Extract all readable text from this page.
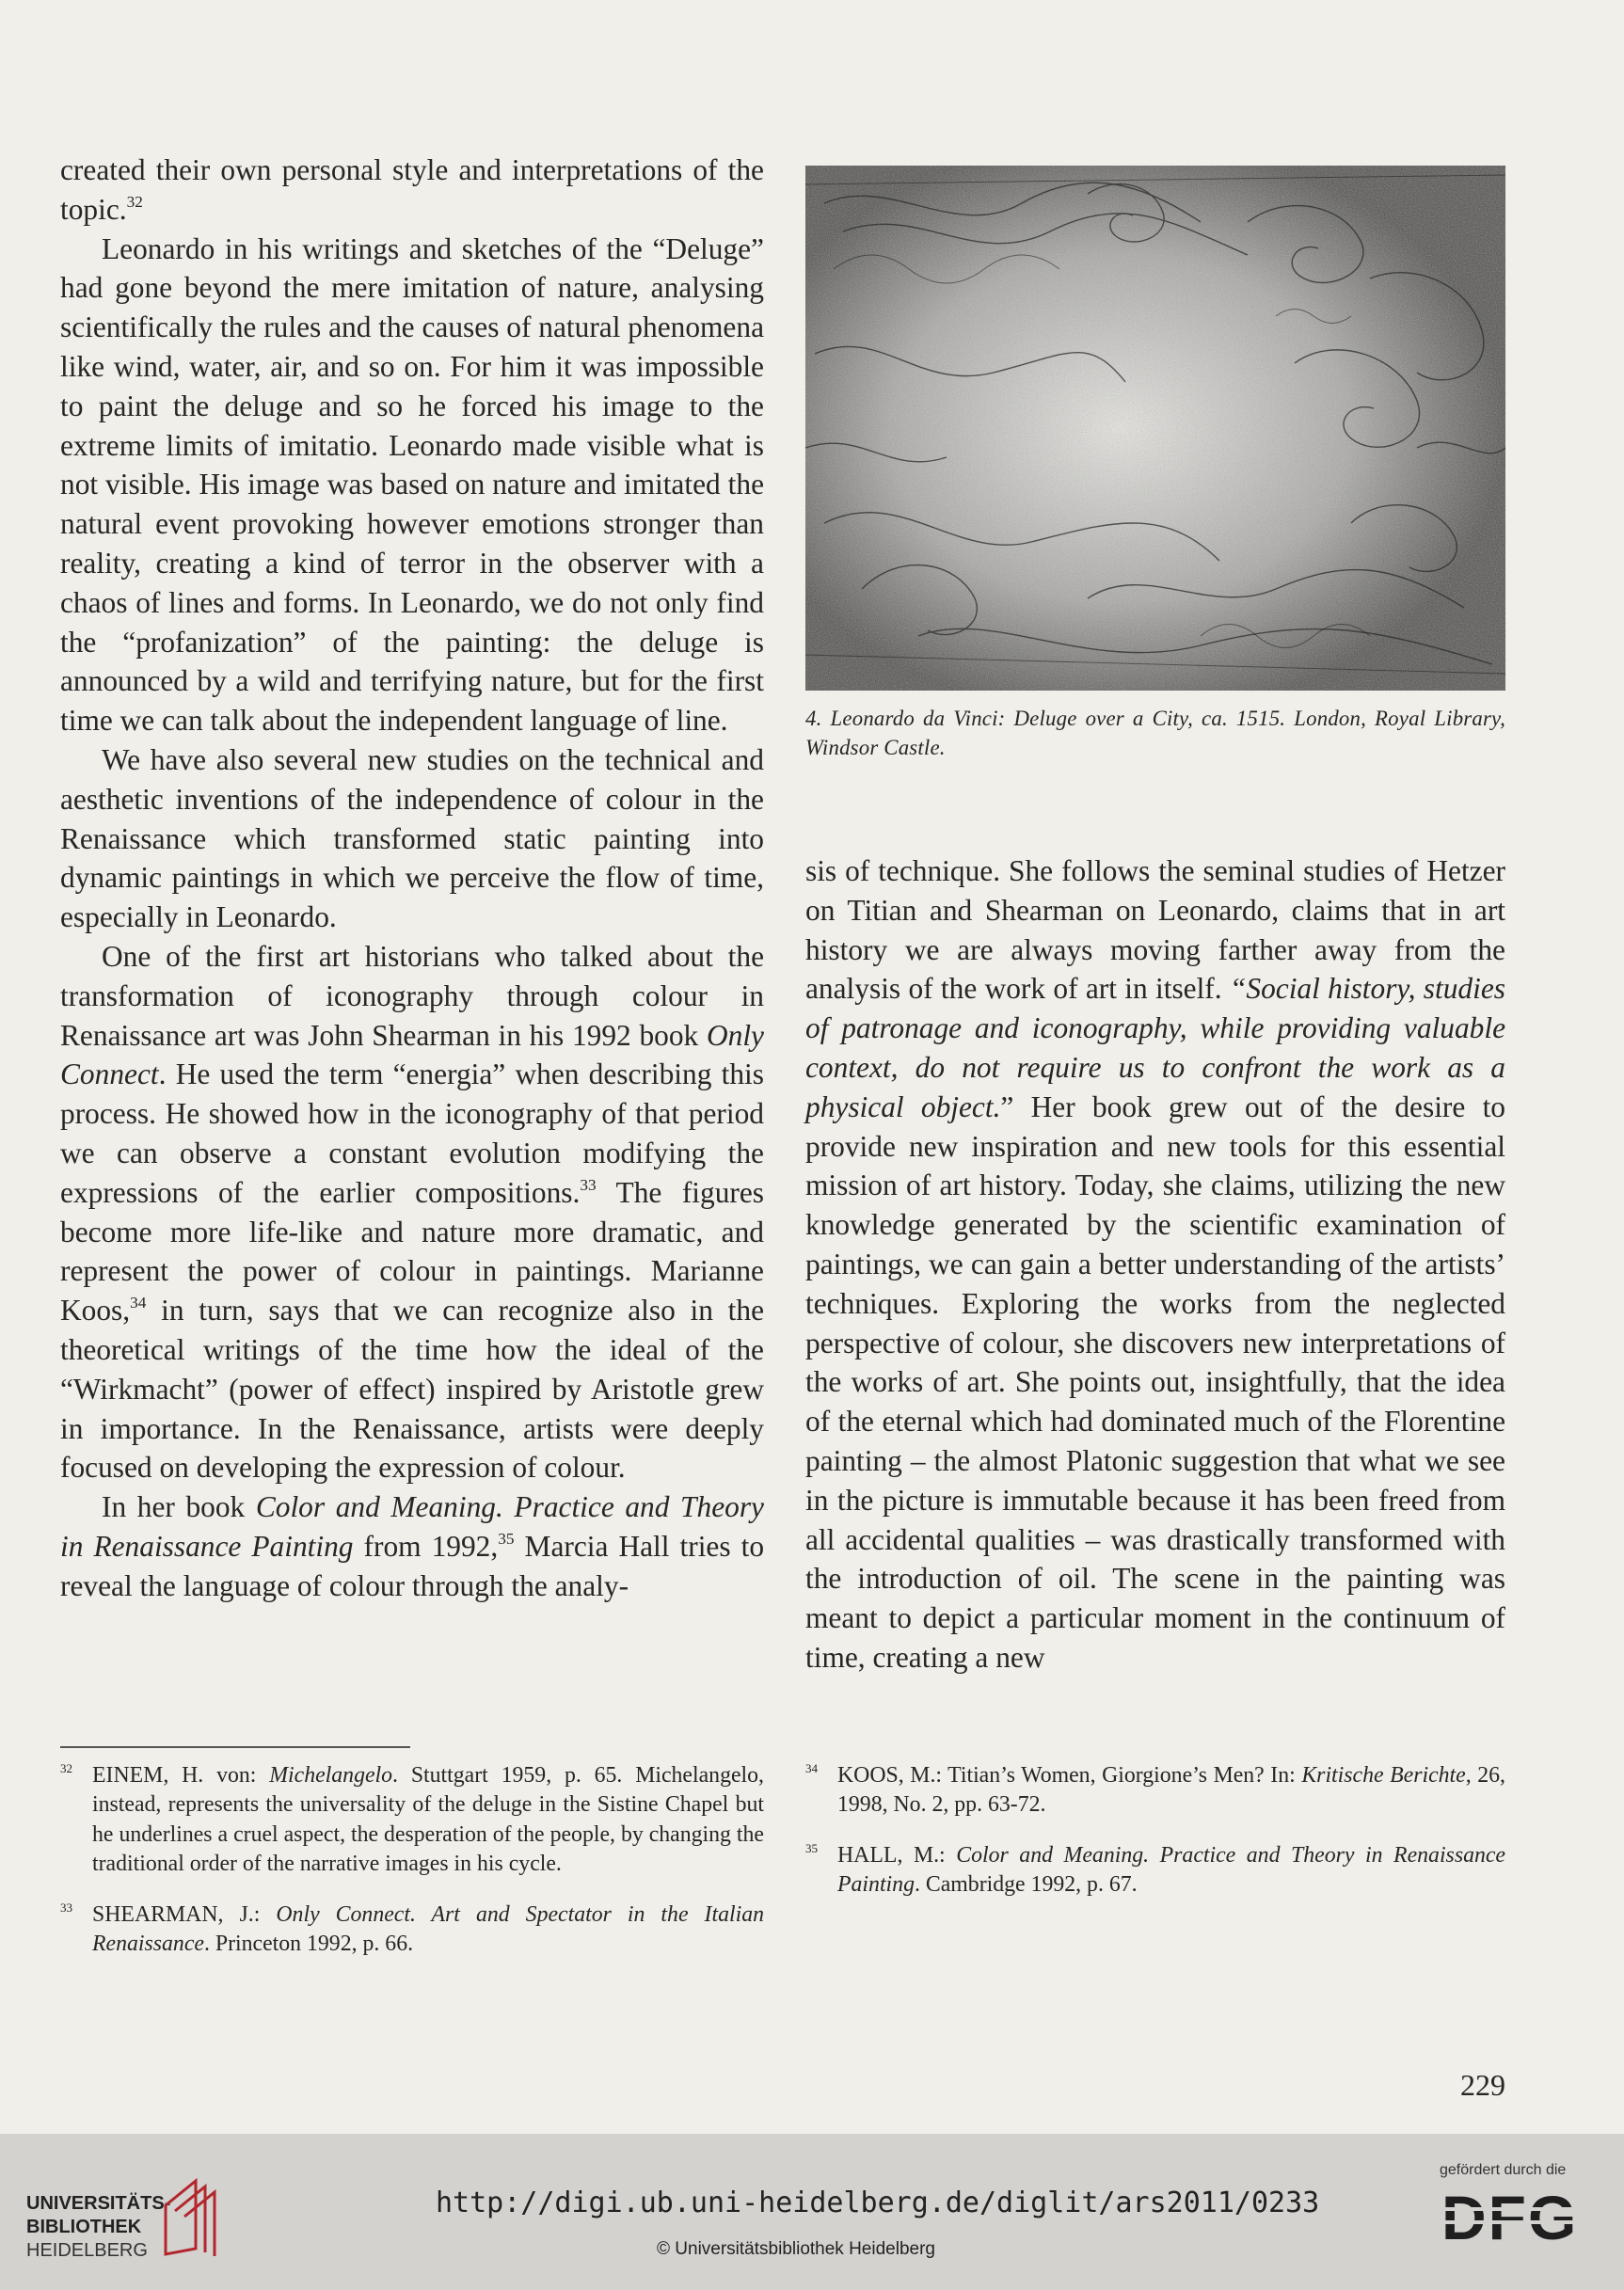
created their own personal style and interpretations of the topic.$^{32}$

Leonardo in his writings and sketches of the “Deluge” had gone beyond the mere imitation of nature, analysing scientifically the rules and the causes of natural phenomena like wind, water, air, and so on. For him it was impossible to paint the deluge and so he forced his image to the extreme limits of imitatio. Leonardo made visible what is not visible. His image was based on nature and imitated the natural event provoking however emotions stronger than reality, creating a kind of terror in the observer with a chaos of lines and forms. In Leonardo, we do not only find the “profanization” of the painting: the deluge is announced by a wild and terrifying nature, but for the first time we can talk about the independent language of line.

We have also several new studies on the technical and aesthetic inventions of the independence of colour in the Renaissance which transformed static painting into dynamic paintings in which we perceive the flow of time, especially in Leonardo.

One of the first art historians who talked about the transformation of iconography through colour in Renaissance art was John Shearman in his 1992 book Only Connect. He used the term “energia” when describing this process. He showed how in the iconography of that period we can observe a constant evolution modifying the expressions of the earlier compositions.$^{33}$ The figures become more life-like and nature more dramatic, and represent the power of colour in paintings. Marianne Koos,$^{34}$ in turn, says that we can recognize also in the theoretical writings of the time how the ideal of the “Wirkmacht” (power of effect) inspired by Aristotle grew in importance. In the Renaissance, artists were deeply focused on developing the expression of colour.

In her book Color and Meaning. Practice and Theory in Renaissance Painting from 1992,35 Marcia Hall tries to reveal the language of colour through the analy-

4. Leonardo da Vinci: Deluge over a City, ca. 1515. London, Royal Library, Windsor Castle.

sis of technique. She follows the seminal studies of Hetzer on Titian and Shearman on Leonardo, claims that in art history we are always moving farther away from the analysis of the work of art in itself. “Social history, studies of patronage and iconography, while providing valuable context, do not require us to confront the work as a physical object.” Her book grew out of the desire to provide new inspiration and new tools for this essential mission of art history. Today, she claims, utilizing the new knowledge generated by the scientific examination of paintings, we can gain a better understanding of the artists’ techniques. Exploring the works from the neglected perspective of colour, she discovers new interpretations of the works of art. She points out, insightfully, that the idea of the eternal which had dominated much of the Florentine painting – the almost Platonic suggestion that what we see in the picture is immutable because it has been freed from all accidental qualities – was drastically transformed with the introduction of oil. The scene in the painting was meant to depict a particular moment in the continuum of time, creating a new

$^{32}$ EINEM, H. von: Michelangelo. Stuttgart 1959, p. 65. Michelangelo, instead, represents the universality of the deluge in the Sistine Chapel but he underlines a cruel aspect, the desperation of the people, by changing the traditional order of the narrative images in his cycle.

$^{33}$ SHEARMAN, J.: Only Connect. Art and Spectator in the Italian Renaissance. Princeton 1992, p. 66.

$^{34}$ KOOS, M.: Titian’s Women, Giorgione’s Men? In: Kritische Berichte, 26, 1998, No. 2, pp. 63-72.

$^{35}$ HALL, M.: Color and Meaning. Practice and Theory in Renaissance Painting. Cambridge 1992, p. 67.

229
UNIVERSITÄTS-
BIBLIOTHEK
HEIDELBERG
http://digi.ub.uni-heidelberg.de/diglit/ars2011/0233
© Universitätsbibliothek Heidelberg
gefördert durch die
DFG
